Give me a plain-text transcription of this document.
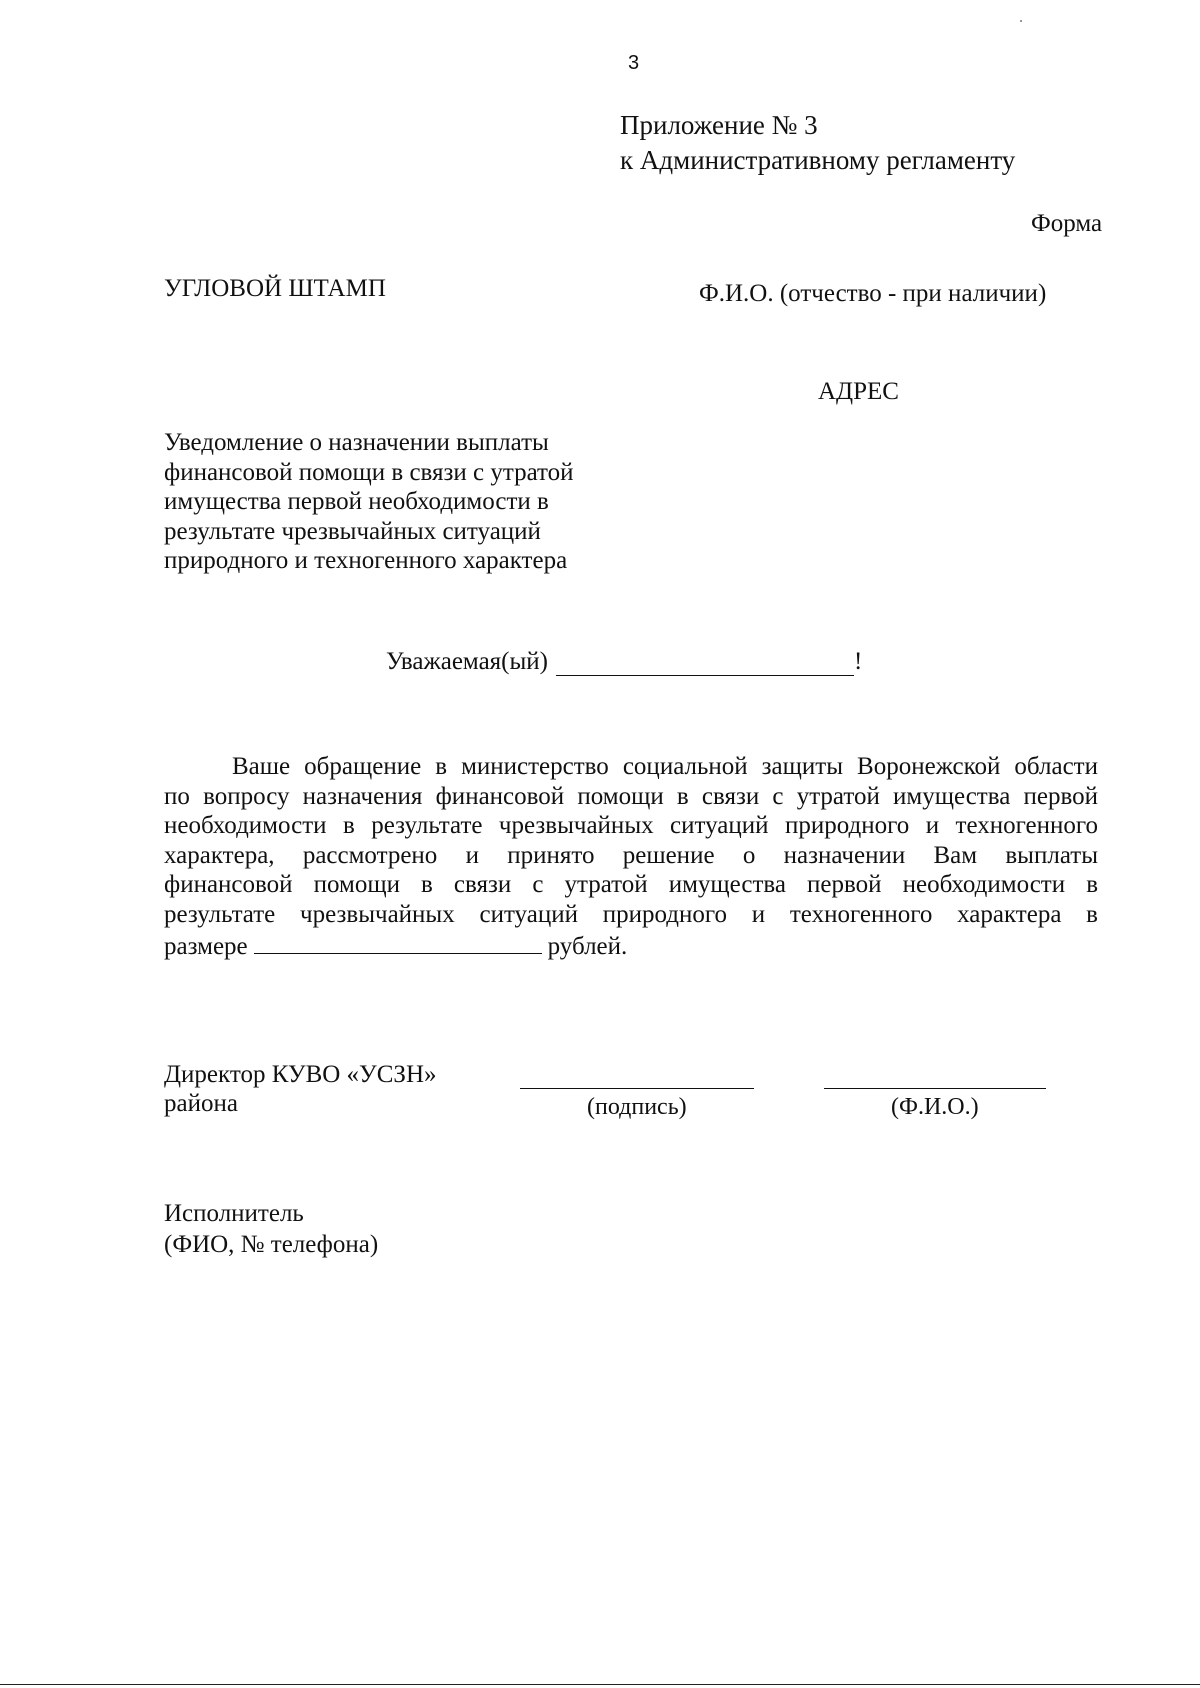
3
Приложение № 3
к Административному регламенту
Форма
УГЛОВОЙ ШТАМП	Ф.И.О. (отчество - при наличии)
АДРЕС
Уведомление о назначении выплаты
финансовой помощи в связи с утратой
имущества первой необходимости в
результате чрезвычайных ситуаций
природного и техногенного характера
Уважаемая(ый)	!
Ваше обращение в министерство социальной защиты Воронежской области
по вопросу назначения финансовой помощи в связи с утратой имущества первой
необходимости в результате чрезвычайных ситуаций природного и техногенного
характера, рассмотрено и принято решение о назначении Вам выплаты
финансовой помощи в связи с утратой имущества первой необходимости в
результате чрезвычайных ситуаций природного и техногенного характера в
размере	рублей.
Директор КУВО «УСЗН»
района	(подпись)	(Ф.И.О.)
Исполнитель
(ФИО, № телефона)
